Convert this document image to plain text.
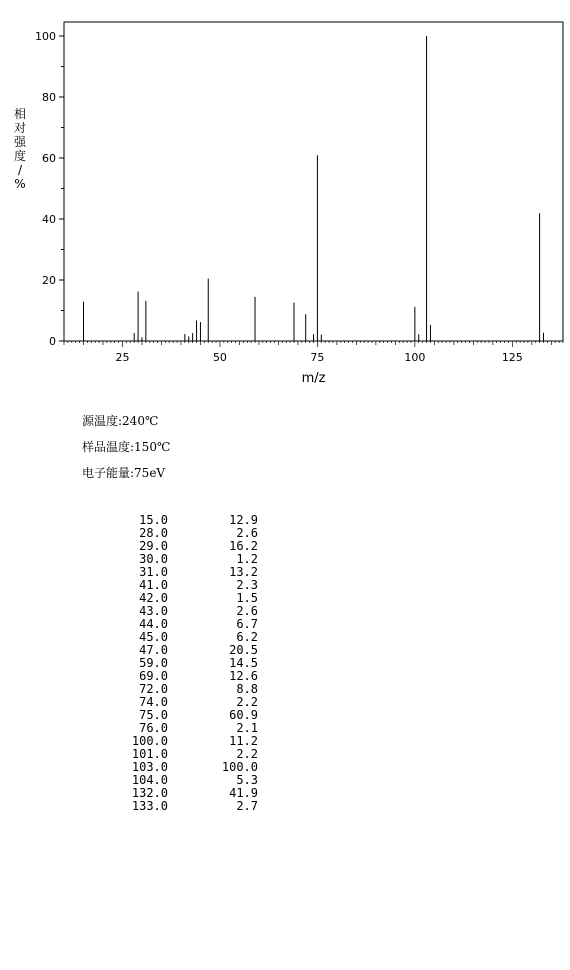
0
20
40
60
80
100
25	50	75	100	125
相
对
强
度
/
%
m/z
源温度:240℃
样品温度:150℃
电子能量:75eV
15.0	12.9
28.0	2.6
29.0	16.2
30.0	1.2
31.0	13.2
41.0	2.3
42.0	1.5
43.0	2.6
44.0	6.7
45.0	6.2
47.0	20.5
59.0	14.5
69.0	12.6
72.0	8.8
74.0	2.2
75.0	60.9
76.0	2.1
100.0	11.2
101.0	2.2
103.0	100.0
104.0	5.3
132.0	41.9
133.0	2.7
